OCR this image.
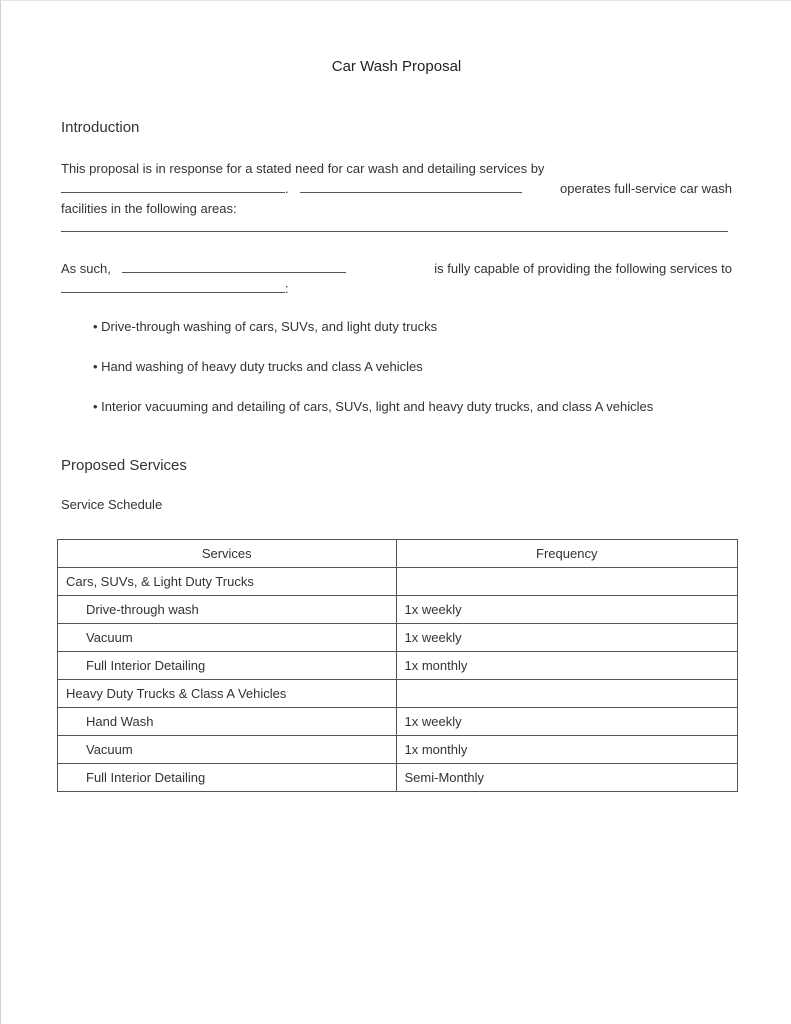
Car Wash Proposal
Introduction
This proposal is in response for a stated need for car wash and detailing services by
.	operates full-service car wash
facilities in the following areas:
As such,	is fully capable of providing the following services to
:
• Drive-through washing of cars, SUVs, and light duty trucks
• Hand washing of heavy duty trucks and class A vehicles
• Interior vacuuming and detailing of cars, SUVs, light and heavy duty trucks, and class A vehicles
Proposed Services
Service Schedule
Services	Frequency
Cars, SUVs, & Light Duty Trucks	
Drive-through wash	1x weekly
Vacuum	1x weekly
Full Interior Detailing	1x monthly
Heavy Duty Trucks & Class A Vehicles	
Hand Wash	1x weekly
Vacuum	1x monthly
Full Interior Detailing	Semi-Monthly
